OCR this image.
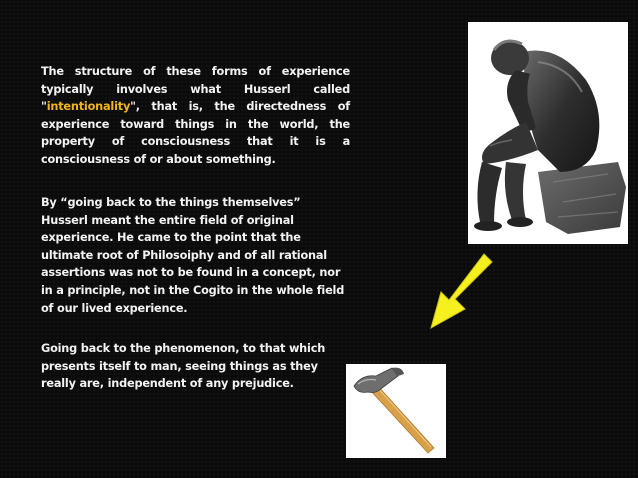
The structure of these forms of experience typically involves what Husserl called "intentionality", that is, the directedness of experience toward things in the world, the property of consciousness that it is a consciousness of or about something.

By “going back to the things themselves” Husserl meant the entire field of original experience. He came to the point that the ultimate root of Philosoiphy and of all rational assertions was not to be found in a concept, nor in a principle, not in the Cogito in the whole field of our lived experience.

Going back to the phenomenon, to that which presents itself to man, seeing things as they really are, independent of any prejudice.
